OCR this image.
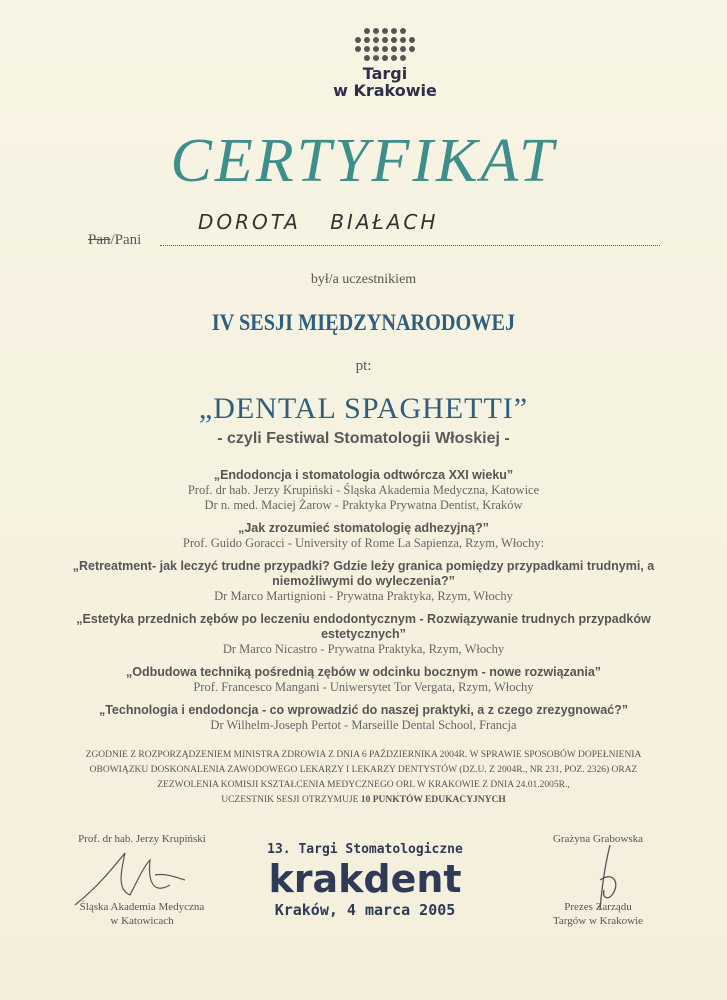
Targi
w Krakowie
CERTYFIKAT
Pan/Pani
DOROTA BIAŁACH
był/a uczestnikiem
IV SESJI MIĘDZYNARODOWEJ
pt:
„DENTAL SPAGHETTI”
- czyli Festiwal Stomatologii Włoskiej -
„Endodoncja i stomatologia odtwórcza XXI wieku”
Prof. dr hab. Jerzy Krupiński - Śląska Akademia Medyczna, Katowice
Dr n. med. Maciej Żarow - Praktyka Prywatna Dentist, Kraków
„Jak zrozumieć stomatologię adhezyjną?”
Prof. Guido Goracci - University of Rome La Sapienza, Rzym, Włochy:
„Retreatment- jak leczyć trudne przypadki? Gdzie leży granica pomiędzy przypadkami trudnymi, a niemożliwymi do wyleczenia?”
Dr Marco Martignioni - Prywatna Praktyka, Rzym, Włochy
„Estetyka przednich zębów po leczeniu endodontycznym - Rozwiązywanie trudnych przypadków estetycznych”
Dr Marco Nicastro - Prywatna Praktyka, Rzym, Włochy
„Odbudowa techniką pośrednią zębów w odcinku bocznym - nowe rozwiązania”
Prof. Francesco Mangani - Uniwersytet Tor Vergata, Rzym, Włochy
„Technologia i endodoncja - co wprowadzić do naszej praktyki, a z czego zrezygnować?”
Dr Wilhelm-Joseph Pertot - Marseille Dental School, Francja
ZGODNIE Z ROZPORZĄDZENIEM MINISTRA ZDROWIA Z DNIA 6 PAŹDZIERNIKA 2004R. W SPRAWIE SPOSOBÓW DOPEŁNIENIA
OBOWIĄZKU DOSKONALENIA ZAWODOWEGO LEKARZY I LEKARZY DENTYSTÓW (DZ.U. Z 2004R., NR 231, POZ. 2326) ORAZ
ZEZWOLENIA KOMISJI KSZTAŁCENIA MEDYCZNEGO ORL W KRAKOWIE Z DNIA 24.01.2005R.,
UCZESTNIK SESJI OTRZYMUJE 10 PUNKTÓW EDUKACYJNYCH
Prof. dr hab. Jerzy Krupiński
Śląska Akademia Medyczna
w Katowicach
Grażyna Grabowska
Prezes Zarządu
Targów w Krakowie
13. Targi Stomatologiczne
krakdent
Kraków, 4 marca 2005
